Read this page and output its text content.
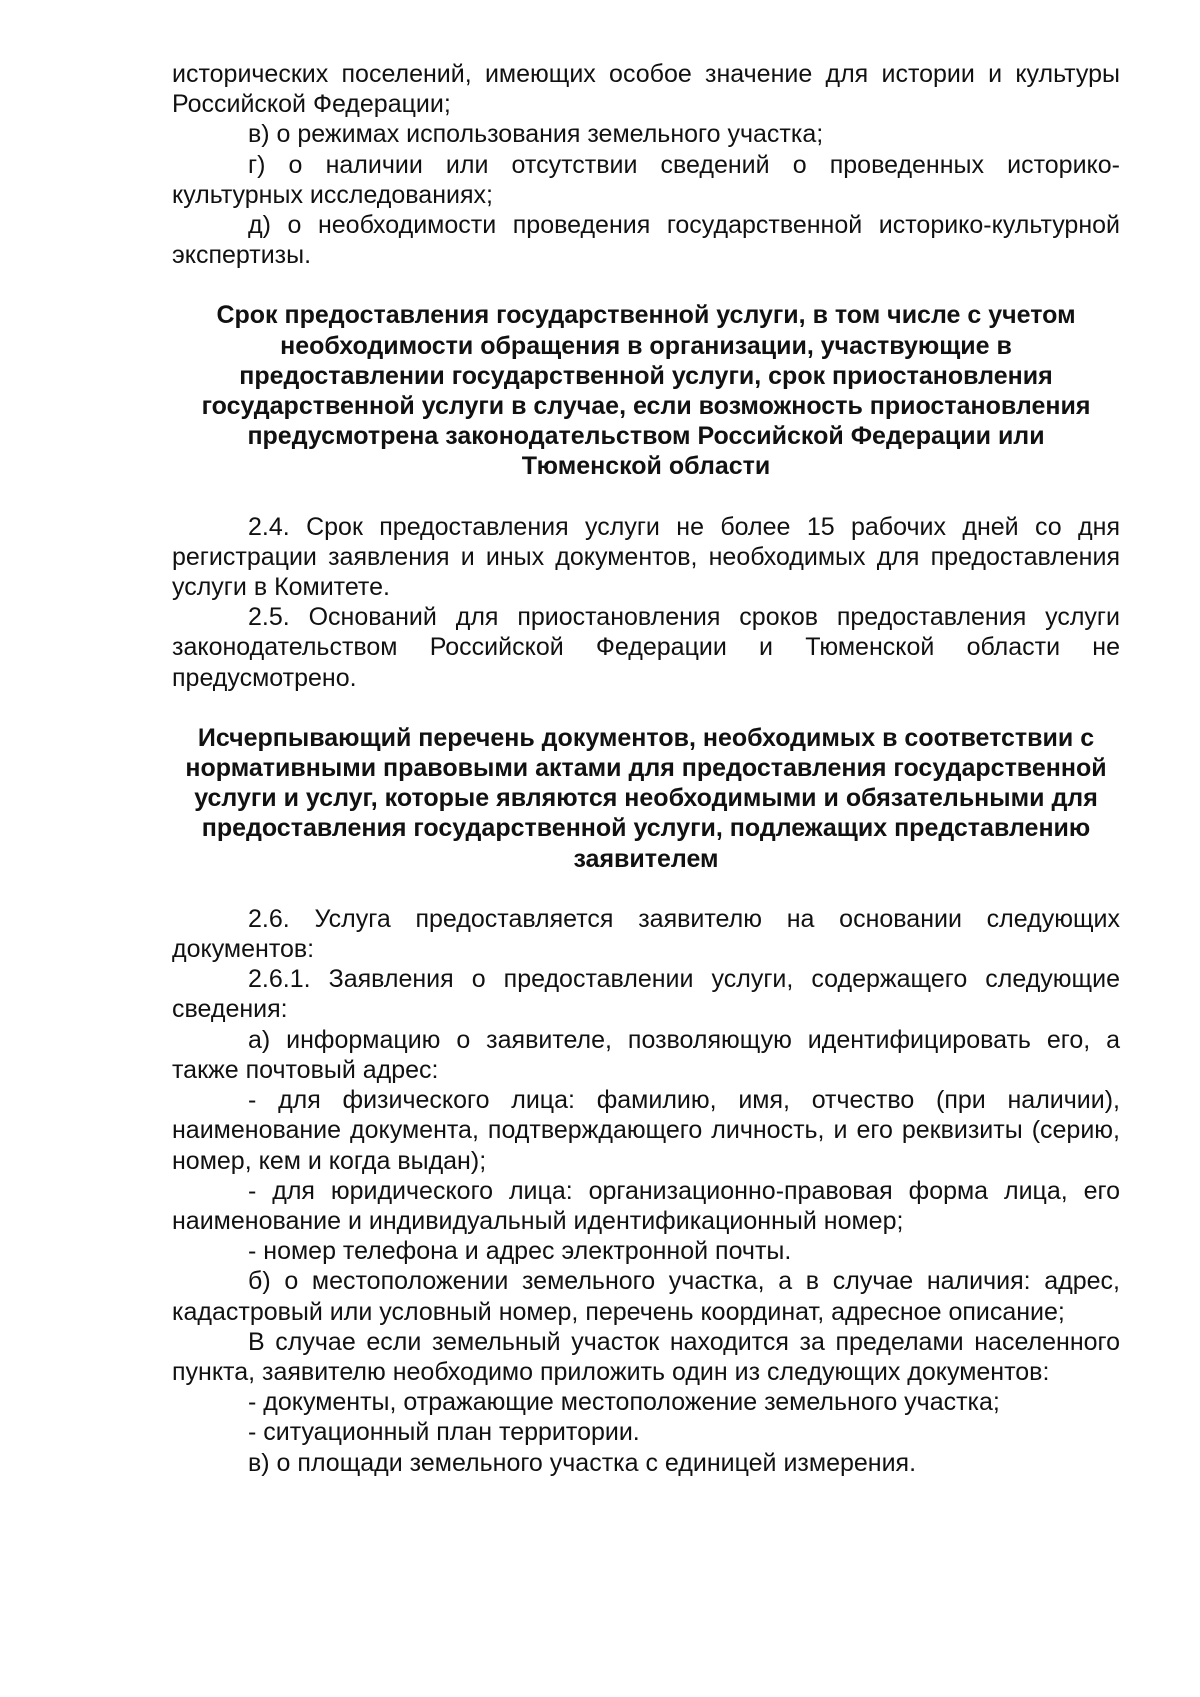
исторических поселений, имеющих особое значение для истории и культуры Российской Федерации;

в) о режимах использования земельного участка;

г) о наличии или отсутствии сведений о проведенных историко-культурных исследованиях;

д) о необходимости проведения государственной историко-культурной экспертизы.

Срок предоставления государственной услуги, в том числе с учетом необходимости обращения в организации, участвующие в предоставлении государственной услуги, срок приостановления государственной услуги в случае, если возможность приостановления предусмотрена законодательством Российской Федерации или Тюменской области

2.4. Срок предоставления услуги не более 15 рабочих дней со дня регистрации заявления и иных документов, необходимых для предоставления услуги в Комитете.

2.5. Оснований для приостановления сроков предоставления услуги законодательством Российской Федерации и Тюменской области не предусмотрено.

Исчерпывающий перечень документов, необходимых в соответствии с нормативными правовыми актами для предоставления государственной услуги и услуг, которые являются необходимыми и обязательными для предоставления государственной услуги, подлежащих представлению заявителем

2.6. Услуга предоставляется заявителю на основании следующих документов:

2.6.1. Заявления о предоставлении услуги, содержащего следующие сведения:

а) информацию о заявителе, позволяющую идентифицировать его, а также почтовый адрес:

- для физического лица: фамилию, имя, отчество (при наличии), наименование документа, подтверждающего личность, и его реквизиты (серию, номер, кем и когда выдан);

- для юридического лица: организационно-правовая форма лица, его наименование и индивидуальный идентификационный номер;

- номер телефона и адрес электронной почты.

б) о местоположении земельного участка, а в случае наличия: адрес, кадастровый или условный номер, перечень координат, адресное описание;

В случае если земельный участок находится за пределами населенного пункта, заявителю необходимо приложить один из следующих документов:

- документы, отражающие местоположение земельного участка;

- ситуационный план территории.

в) о площади земельного участка с единицей измерения.
